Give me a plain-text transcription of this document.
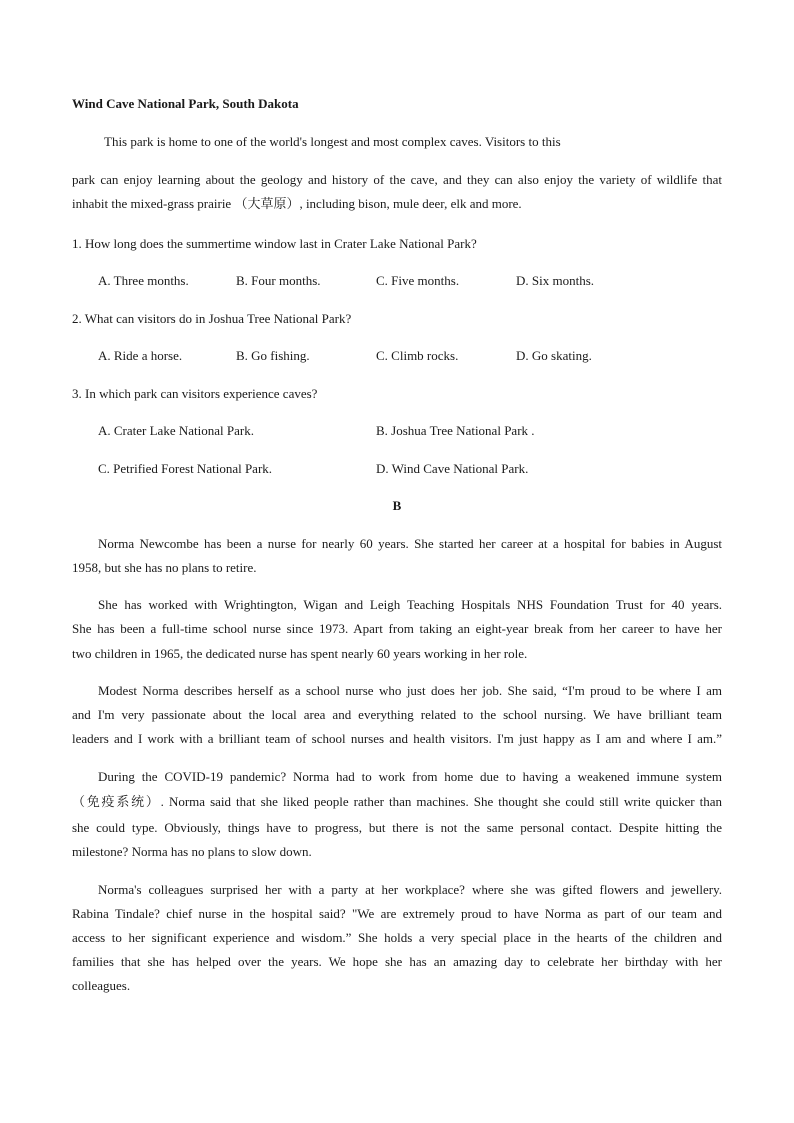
Wind Cave National Park, South Dakota
This park is home to one of the world's longest and most complex caves. Visitors to this
park can enjoy learning about the geology and history of the cave, and they can also enjoy the variety of wildlife that
inhabit the mixed-grass prairie （大草原）, including bison, mule deer, elk and more.
1. How long does the summertime window last in Crater Lake National Park?
A. Three months.	B. Four months.	C. Five months.	D. Six months.
2. What can visitors do in Joshua Tree National Park?
A. Ride a horse.	B. Go fishing.	C. Climb rocks.	D. Go skating.
3. In which park can visitors experience caves?
A. Crater Lake National Park.	B. Joshua Tree National Park .
C. Petrified Forest National Park.	D. Wind Cave National Park.
B
Norma Newcombe has been a nurse for nearly 60 years. She started her career at a hospital for babies in August
1958, but she has no plans to retire.
She has worked with Wrightington, Wigan and Leigh Teaching Hospitals NHS Foundation Trust for 40 years.
She has been a full-time school nurse since 1973. Apart from taking an eight-year break from her career to have her
two children in 1965, the dedicated nurse has spent nearly 60 years working in her role.
Modest Norma describes herself as a school nurse who just does her job. She said, “I'm proud to be where I am
and I'm very passionate about the local area and everything related to the school nursing. We have brilliant team
leaders and I work with a brilliant team of school nurses and health visitors. I'm just happy as I am and where I am.”
During the COVID-19 pandemic? Norma had to work from home due to having a weakened immune system
（免疫系统）. Norma said that she liked people rather than machines. She thought she could still write quicker than
she could type. Obviously, things have to progress, but there is not the same personal contact. Despite hitting the
milestone? Norma has no plans to slow down.
Norma's colleagues surprised her with a party at her workplace? where she was gifted flowers and jewellery.
Rabina Tindale? chief nurse in the hospital said? "We are extremely proud to have Norma as part of our team and
access to her significant experience and wisdom.” She holds a very special place in the hearts of the children and
families that she has helped over the years. We hope she has an amazing day to celebrate her birthday with her
colleagues.
